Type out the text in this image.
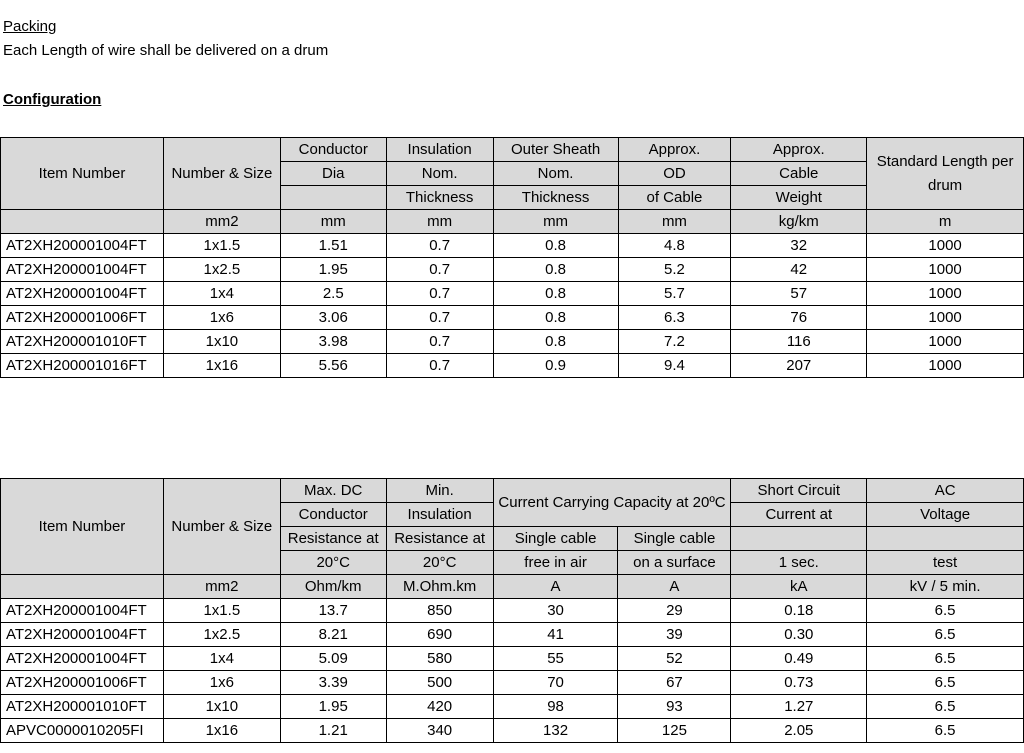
Packing
Each Length of wire shall be delivered on a drum
Configuration
Item Number	Number & Size	Conductor	Insulation	Outer Sheath	Approx.	Approx.	Standard Length per drum
		Dia	Nom.	Nom.	OD	Cable	
			Thickness	Thickness	of Cable	Weight	
	mm2	mm	mm	mm	mm	kg/km	m
AT2XH200001004FT	1x1.5	1.51	0.7	0.8	4.8	32	1000
AT2XH200001004FT	1x2.5	1.95	0.7	0.8	5.2	42	1000
AT2XH200001004FT	1x4	2.5	0.7	0.8	5.7	57	1000
AT2XH200001006FT	1x6	3.06	0.7	0.8	6.3	76	1000
AT2XH200001010FT	1x10	3.98	0.7	0.8	7.2	116	1000
AT2XH200001016FT	1x16	5.56	0.7	0.9	9.4	207	1000
Item Number	Number & Size	Max. DC	Min.	Current Carrying Capacity at 20ºC		Short Circuit	AC
		Conductor	Insulation			Current at	Voltage
		Resistance at	Resistance at	Single cable	Single cable		
		20°C	20°C	free in air	on a surface	1 sec.	test
	mm2	Ohm/km	M.Ohm.km	A	A	kA	kV / 5 min.
AT2XH200001004FT	1x1.5	13.7	850	30	29	0.18	6.5
AT2XH200001004FT	1x2.5	8.21	690	41	39	0.30	6.5
AT2XH200001004FT	1x4	5.09	580	55	52	0.49	6.5
AT2XH200001006FT	1x6	3.39	500	70	67	0.73	6.5
AT2XH200001010FT	1x10	1.95	420	98	93	1.27	6.5
APVC0000010205FI	1x16	1.21	340	132	125	2.05	6.5
